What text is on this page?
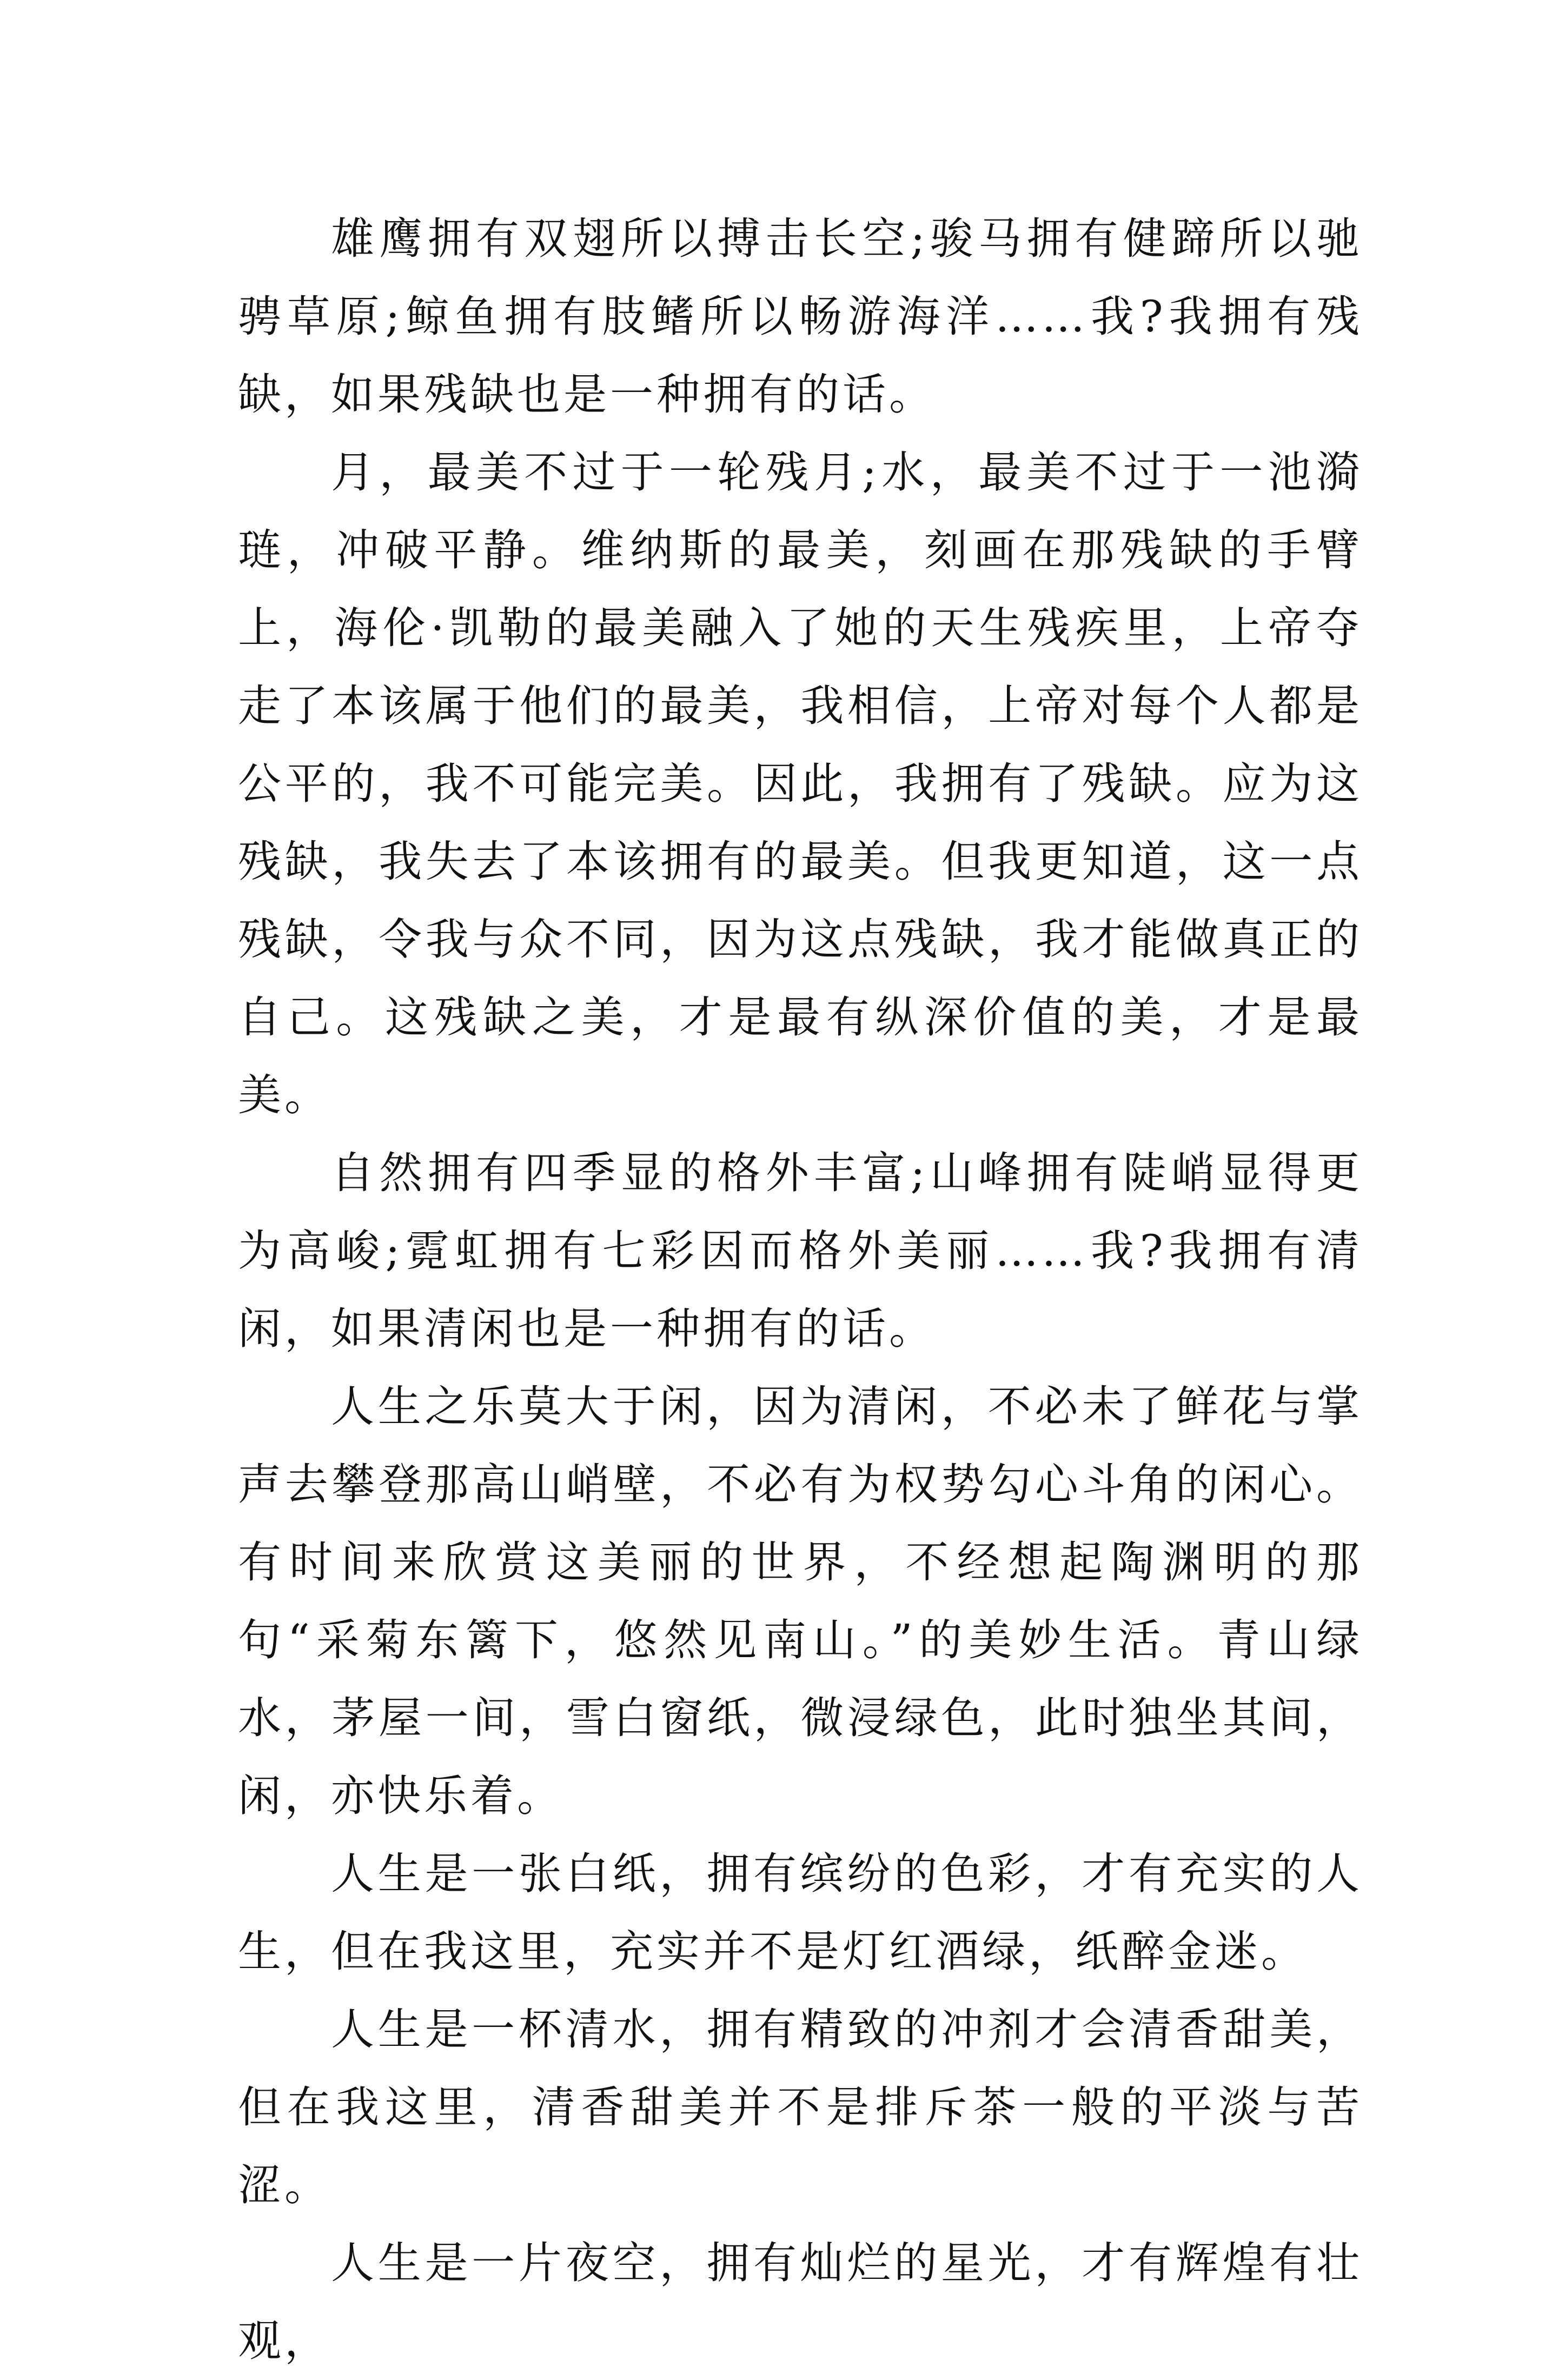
雄鹰拥有双翅所以搏击长空;骏马拥有健蹄所以驰骋草原;鲸鱼拥有肢鳍所以畅游海洋……我?我拥有残缺，如果残缺也是一种拥有的话。

月，最美不过于一轮残月;水，最美不过于一池漪琏，冲破平静。维纳斯的最美，刻画在那残缺的手臂上，海伦·凯勒的最美融入了她的天生残疾里，上帝夺走了本该属于他们的最美，我相信，上帝对每个人都是公平的，我不可能完美。因此，我拥有了残缺。应为这残缺，我失去了本该拥有的最美。但我更知道，这一点残缺，令我与众不同，因为这点残缺，我才能做真正的自己。这残缺之美，才是最有纵深价值的美，才是最美。

自然拥有四季显的格外丰富;山峰拥有陡峭显得更为高峻;霓虹拥有七彩因而格外美丽……我?我拥有清闲，如果清闲也是一种拥有的话。

人生之乐莫大于闲，因为清闲，不必未了鲜花与掌声去攀登那高山峭壁，不必有为权势勾心斗角的闲心。有时间来欣赏这美丽的世界，不经想起陶渊明的那句“采菊东篱下，悠然见南山。”的美妙生活。青山绿水，茅屋一间，雪白窗纸，微浸绿色，此时独坐其间，闲，亦快乐着。

人生是一张白纸，拥有缤纷的色彩，才有充实的人生，但在我这里，充实并不是灯红酒绿，纸醉金迷。

人生是一杯清水，拥有精致的冲剂才会清香甜美，但在我这里，清香甜美并不是排斥茶一般的平淡与苦涩。

人生是一片夜空，拥有灿烂的星光，才有辉煌有壮观，
